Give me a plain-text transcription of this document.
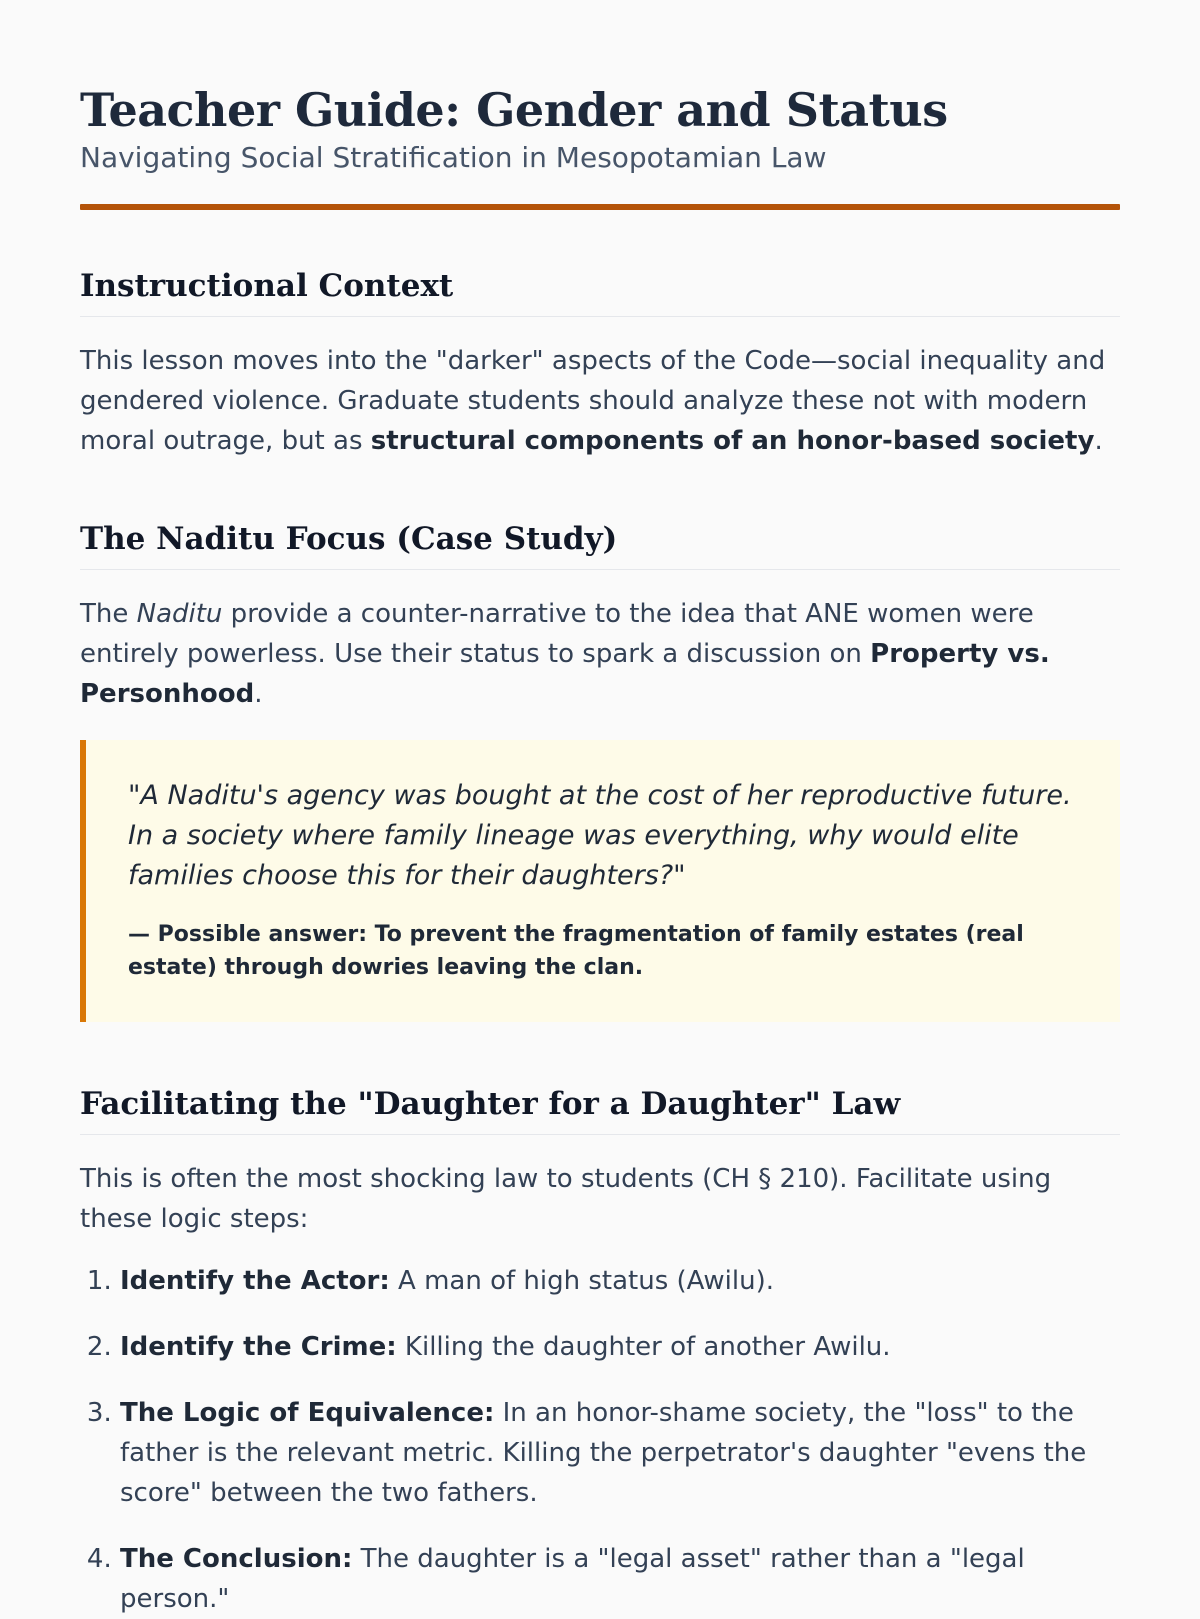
Teacher Guide: Gender and Status

Navigating Social Stratification in Mesopotamian Law

Instructional Context

This lesson moves into the "darker" aspects of the Code—social inequality and gendered violence. Graduate students should analyze these not with modern moral outrage, but as structural components of an honor-based society.

The Naditu Focus (Case Study)

The Naditu provide a counter-narrative to the idea that ANE women were entirely powerless. Use their status to spark a discussion on Property vs. Personhood.

"A Naditu's agency was bought at the cost of her reproductive future. In a society where family lineage was everything, why would elite families choose this for their daughters?"

— Possible answer: To prevent the fragmentation of family estates (real estate) through dowries leaving the clan.

Facilitating the "Daughter for a Daughter" Law

This is often the most shocking law to students (CH § 210). Facilitate using these logic steps:

1. Identify the Actor: A man of high status (Awilu).
2. Identify the Crime: Killing the daughter of another Awilu.
3. The Logic of Equivalence: In an honor-shame society, the "loss" to the father is the relevant metric. Killing the perpetrator's daughter "evens the score" between the two fathers.
4. The Conclusion: The daughter is a "legal asset" rather than a "legal person."
